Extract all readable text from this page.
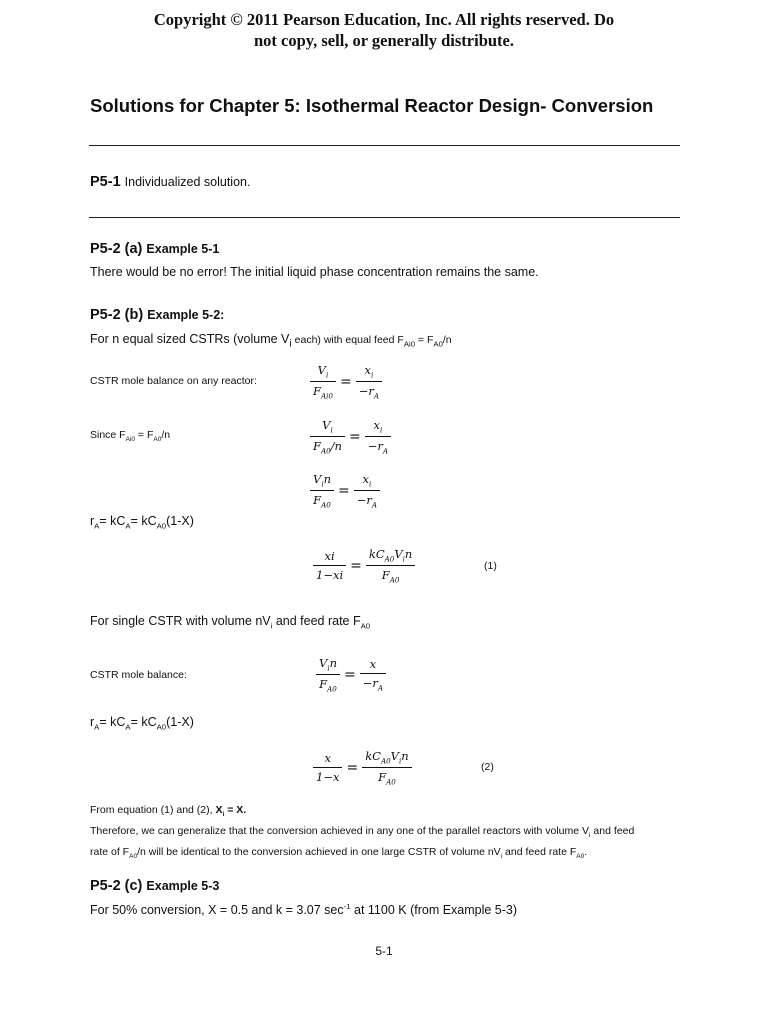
Copyright © 2011 Pearson Education, Inc. All rights reserved. Do
not copy, sell, or generally distribute.
Solutions for Chapter 5: Isothermal Reactor Design- Conversion
P5-1 Individualized solution.
P5-2 (a) Example 5-1
There would be no error! The initial liquid phase concentration remains the same.
P5-2 (b) Example 5-2:
For n equal sized CSTRs (volume $V_i$ each) with equal feed $F_{Ai0} = F_{A0}/n$
CSTR mole balance on any reactor:	$\frac{V_i}{F_{Ai0}} = \frac{x_i}{-r_A}$
Since $F_{Ai0} = F_{A0}/n$	$\frac{V_i}{F_{A0}/n} = \frac{x_i}{-r_A}$
$\frac{V_in}{F_{A0}} = \frac{x_i}{-r_A}$
$r_A= kC_A= kC_{A0}(1-X)$
$\frac{xi}{1-xi} = \frac{kC_{A0}V_in}{F_{A0}}$	(1)
For single CSTR with volume $nV_i$ and feed rate $F_{A0}$
CSTR mole balance:	$\frac{V_in}{F_{A0}} = \frac{x}{-r_A}$
$r_A= kC_A= kC_{A0}(1-X)$
$\frac{x}{1-x} = \frac{kC_{A0}V_in}{F_{A0}}$	(2)
From equation (1) and (2), $X_i = X$.
Therefore, we can generalize that the conversion achieved in any one of the parallel reactors with volume $V_i$ and feed
rate of $F_{A0}/n$ will be identical to the conversion achieved in one large CSTR of volume $nV_i$ and feed rate $F_{A0}$.
P5-2 (c) Example 5-3
For 50% conversion, X = 0.5 and k = 3.07 $\sec^{-1}$ at 1100 K (from Example 5-3)
5-1
